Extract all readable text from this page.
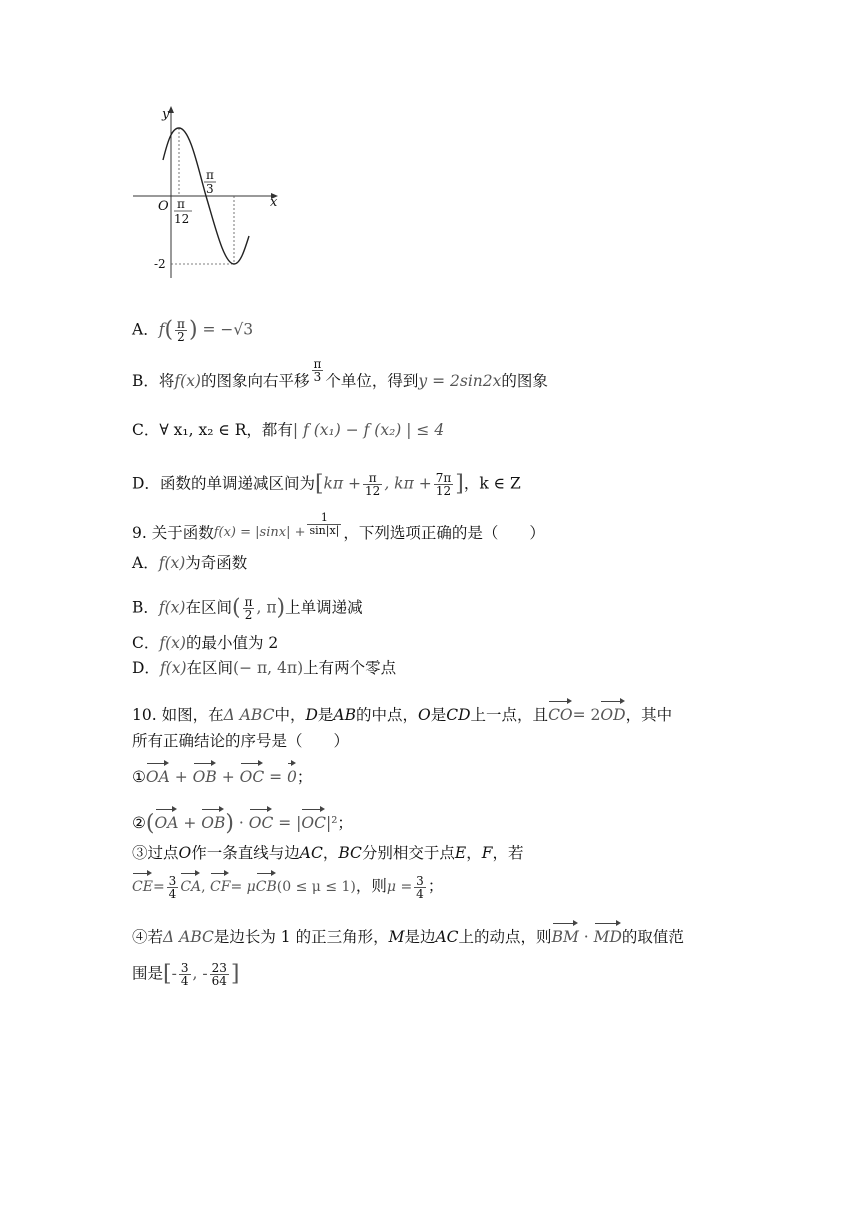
y
x
O π
12
π
3
-2
A．$f( \frac{\pi}{2}$ ) = −√3
B．将f(x)的图象向右平移 $\frac{\pi}{3}$ 个单位，得到y = 2sin2x的图象
C．∀ x₁, x₂ ∈ R，都有| f (x₁) − f (x₂) | ≤ 4
D．函数的单调递减区间为[$k\pi + \frac{\pi}{12}$ , $k\pi + \frac{7\pi}{12}$ ]，k ∈ Z
9. 关于函数$^{f(x) = |sinx| +} \frac{1}{\sin|x|}$ ，下列选项正确的是（　　）
A．f(x)为奇函数
B．f(x)在区间( $\frac{\pi}{2}$ , π)上单调递减
C．f(x)的最小值为 2
D．f(x)在区间(− π, 4π)上有两个零点
10. 如图，在Δ ABC中，D是AB的中点，O是CD上一点，且CO= 2OD，其中
所有正确结论的序号是（　　）
①OA + OB + OC = 0；
②(OA + OB) · OC = |OC|²；
③过点O作一条直线与边AC，BC分别相交于点E，F，若
$CE= \frac{3}{4}$ CA, CF= μCB(0 ≤ μ ≤ 1)，则$\mu = \frac{3}{4}$ ；
④若Δ ABC是边长为 1 的正三角形，M是边AC上的动点，则BM · MD的取值范
围是[- $\frac{3}{4}$ , - $\frac{23}{64}$ ]
